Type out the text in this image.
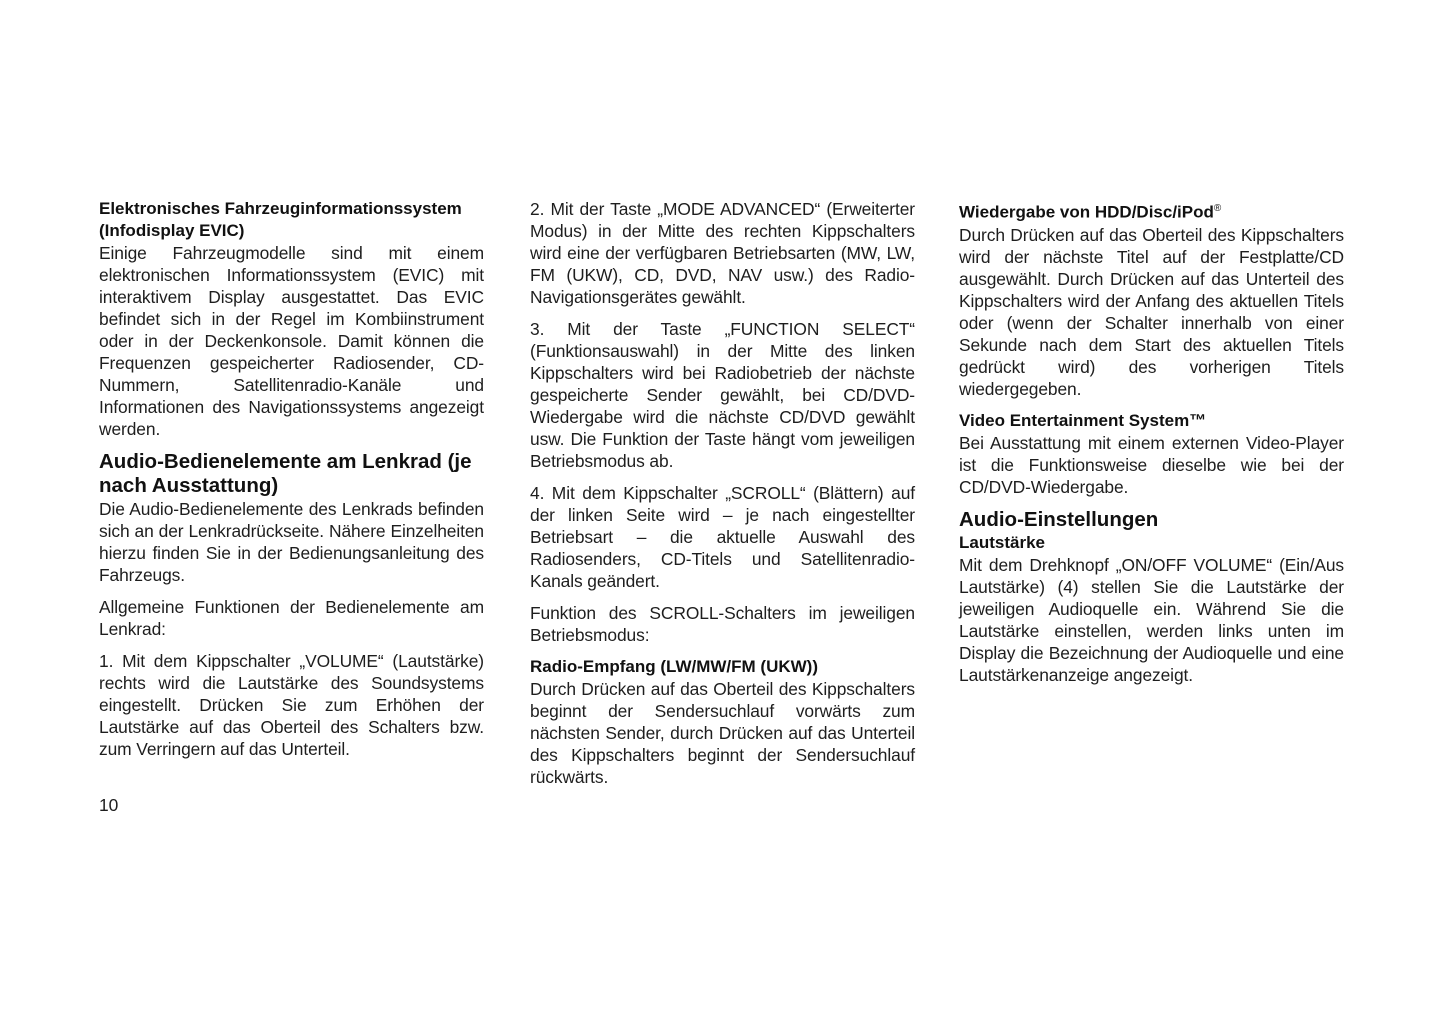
Elektronisches Fahrzeuginformationssystem (Infodisplay EVIC)
Einige Fahrzeugmodelle sind mit einem elektronischen Informationssystem (EVIC) mit interaktivem Display ausgestattet. Das EVIC befindet sich in der Regel im Kombiinstrument oder in der Deckenkonsole. Damit können die Frequenzen gespeicherter Radiosender, CD-Nummern, Satellitenradio-Kanäle und Informationen des Navigationssystems angezeigt werden.
Audio-Bedienelemente am Lenkrad (je nach Ausstattung)
Die Audio-Bedienelemente des Lenkrads befinden sich an der Lenkradrückseite. Nähere Einzelheiten hierzu finden Sie in der Bedienungsanleitung des Fahrzeugs.
Allgemeine Funktionen der Bedienelemente am Lenkrad:
1. Mit dem Kippschalter „VOLUME“ (Lautstärke) rechts wird die Lautstärke des Soundsystems eingestellt. Drücken Sie zum Erhöhen der Lautstärke auf das Oberteil des Schalters bzw. zum Verringern auf das Unterteil.
2. Mit der Taste „MODE ADVANCED“ (Erweiterter Modus) in der Mitte des rechten Kippschalters wird eine der verfügbaren Betriebsarten (MW, LW, FM (UKW), CD, DVD, NAV usw.) des Radio-Navigationsgerätes gewählt.
3. Mit der Taste „FUNCTION SELECT“ (Funktionsauswahl) in der Mitte des linken Kippschalters wird bei Radiobetrieb der nächste gespeicherte Sender gewählt, bei CD/DVD-Wiedergabe wird die nächste CD/DVD gewählt usw. Die Funktion der Taste hängt vom jeweiligen Betriebsmodus ab.
4. Mit dem Kippschalter „SCROLL“ (Blättern) auf der linken Seite wird – je nach eingestellter Betriebsart – die aktuelle Auswahl des Radiosenders, CD-Titels und Satellitenradio-Kanals geändert.
Funktion des SCROLL-Schalters im jeweiligen Betriebsmodus:
Radio-Empfang (LW/MW/FM (UKW))
Durch Drücken auf das Oberteil des Kippschalters beginnt der Sendersuchlauf vorwärts zum nächsten Sender, durch Drücken auf das Unterteil des Kippschalters beginnt der Sendersuchlauf rückwärts.
Wiedergabe von HDD/Disc/iPod®
Durch Drücken auf das Oberteil des Kippschalters wird der nächste Titel auf der Festplatte/CD ausgewählt. Durch Drücken auf das Unterteil des Kippschalters wird der Anfang des aktuellen Titels oder (wenn der Schalter innerhalb von einer Sekunde nach dem Start des aktuellen Titels gedrückt wird) des vorherigen Titels wiedergegeben.
Video Entertainment System™
Bei Ausstattung mit einem externen Video-Player ist die Funktionsweise dieselbe wie bei der CD/DVD-Wiedergabe.
Audio-Einstellungen
Lautstärke
Mit dem Drehknopf „ON/OFF VOLUME“ (Ein/Aus Lautstärke) (4) stellen Sie die Lautstärke der jeweiligen Audioquelle ein. Während Sie die Lautstärke einstellen, werden links unten im Display die Bezeichnung der Audioquelle und eine Lautstärkenanzeige angezeigt.
10
